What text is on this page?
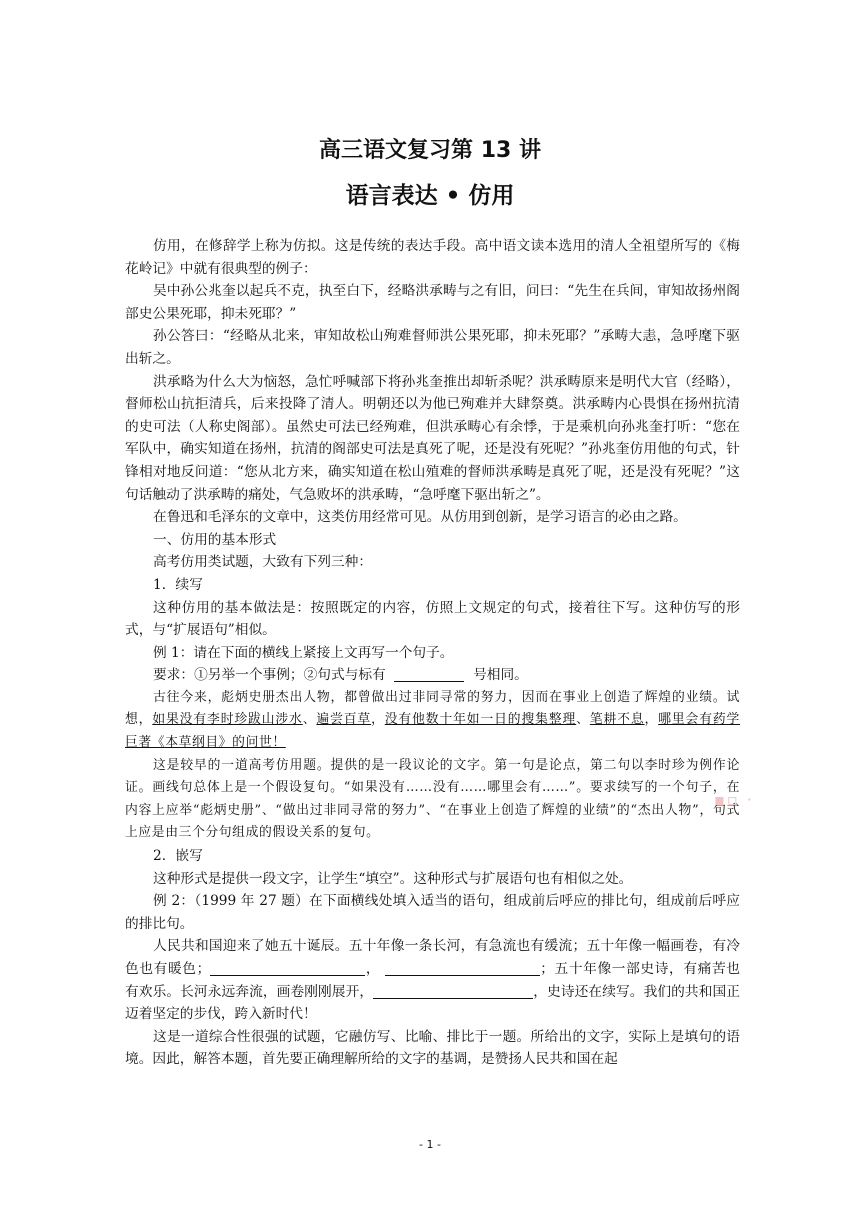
高三语文复习第 13 讲
语言表达 • 仿用

仿用，在修辞学上称为仿拟。这是传统的表达手段。高中语文读本选用的清人全祖望所写的《梅花岭记》中就有很典型的例子：

吴中孙公兆奎以起兵不克，执至白下，经略洪承畴与之有旧，问曰：“先生在兵间，审知故扬州阁部史公果死耶，抑未死耶？”

孙公答曰：“经略从北来，审知故松山殉难督师洪公果死耶，抑未死耶？”承畴大恚，急呼麾下驱出斩之。

洪承略为什么大为恼怒，急忙呼喊部下将孙兆奎推出却斩杀呢？洪承畴原来是明代大官（经略），督师松山抗拒清兵，后来投降了清人。明朝还以为他已殉难并大肆祭奠。洪承畴内心畏惧在扬州抗清的史可法（人称史阁部）。虽然史可法已经殉难，但洪承畴心有余悸，于是乘机向孙兆奎打听：“您在军队中，确实知道在扬州，抗清的阁部史可法是真死了呢，还是没有死呢？”孙兆奎仿用他的句式，针锋相对地反问道：“您从北方来，确实知道在松山殖难的督师洪承畴是真死了呢，还是没有死呢？”这句话触动了洪承畴的痛处，气急败坏的洪承畴，“急呼麾下驱出斩之”。

在鲁迅和毛泽东的文章中，这类仿用经常可见。从仿用到创新，是学习语言的必由之路。

一、仿用的基本形式

高考仿用类试题，大致有下列三种：

1．续写

这种仿用的基本做法是：按照既定的内容，仿照上文规定的句式，接着往下写。这种仿写的形式，与“扩展语句”相似。

例 1：请在下面的横线上紧接上文再写一个句子。

要求：①另举一个事例；②句式与标有	号相同。

古往今来，彪炳史册杰出人物，都曾做出过非同寻常的努力，因而在事业上创造了辉煌的业绩。试想，如果没有李时珍跋山涉水、遍尝百草，没有他数十年如一日的搜集整理、笔耕不息，哪里会有药学巨著《本草纲目》的问世！

这是较早的一道高考仿用题。提供的是一段议论的文字。第一句是论点，第二句以李时珍为例作论证。画线句总体上是一个假设复句。“如果没有……没有……哪里会有……”。要求续写的一个句子，在内容上应举“彪炳史册”、“做出过非同寻常的努力”、“在事业上创造了辉煌的业绩”的“杰出人物”，句式上应是由三个分句组成的假设关系的复句。

2．嵌写

这种形式是提供一段文字，让学生“填空”。这种形式与扩展语句也有相似之处。

例 2：（1999 年 27 题）在下面横线处填入适当的语句，组成前后呼应的排比句，组成前后呼应的排比句。

人民共和国迎来了她五十诞辰。五十年像一条长河，有急流也有缓流；五十年像一幅画卷，有冷色也有暖色；	，	；五十年像一部史诗，有痛苦也有欢乐。长河永远奔流，画卷刚刚展开，	，史诗还在续写。我们的共和国正迈着坚定的步伐，跨入新时代！

这是一道综合性很强的试题，它融仿写、比喻、排比于一题。所给出的文字，实际上是填句的语境。因此，解答本题，首先要正确理解所给的文字的基调，是赞扬人民共和国在起

▪▫ ·
- 1 -
